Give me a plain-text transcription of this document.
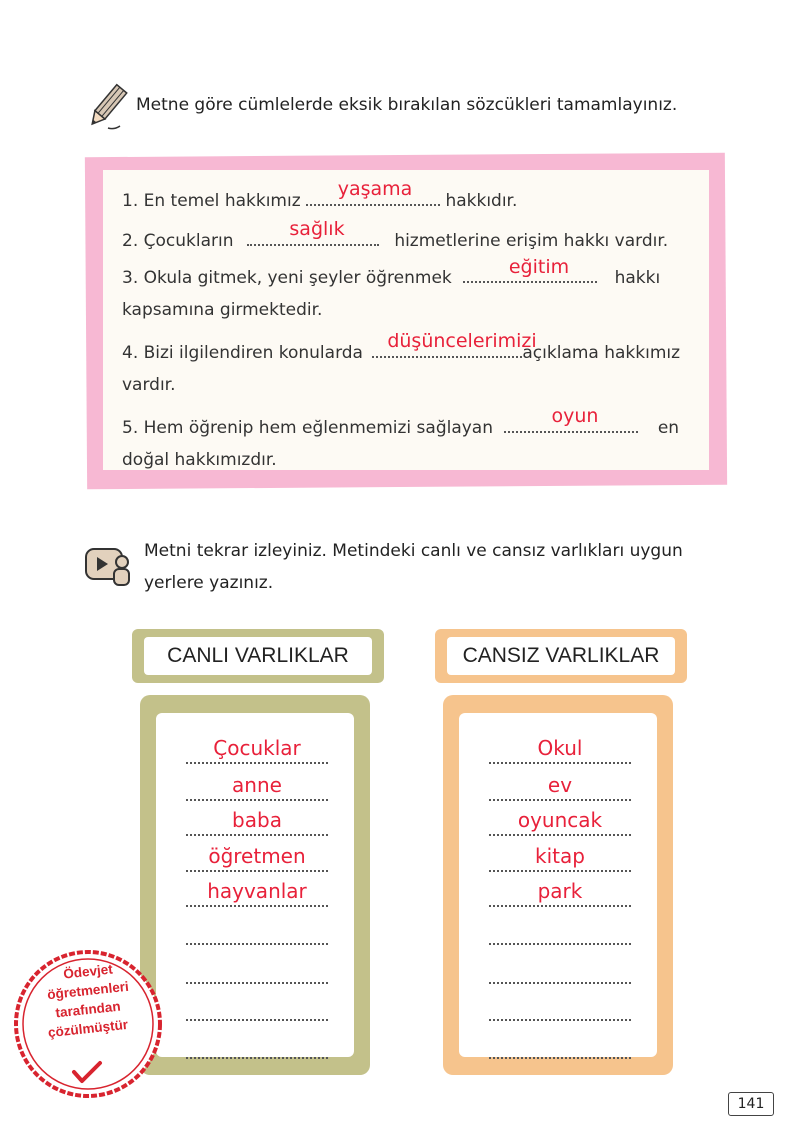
Metne göre cümlelerde eksik bırakılan sözcükleri tamamlayınız.
1. En temel hakkımız	hakkıdır.
yaşama
2. Çocukların	hizmetlerine erişim hakkı vardır.
sağlık
3. Okula gitmek, yeni şeyler öğrenmek	hakkı
eğitim
kapsamına girmektedir.
4. Bizi ilgilendiren konularda	açıklama hakkımız
düşüncelerimizi
vardır.
5. Hem öğrenip hem eğlenmemizi sağlayan	en
oyun
doğal hakkımızdır.
Metni tekrar izleyiniz. Metindeki canlı ve cansız varlıkları uygun
yerlere yazınız.
CANLI VARLIKLAR	CANSIZ VARLIKLAR
Çocuklar
anne
baba
öğretmen
hayvanlar
Okul
ev
oyuncak
kitap
park
Ödevjet
öğretmenleri
tarafından
çözülmüştür
141
